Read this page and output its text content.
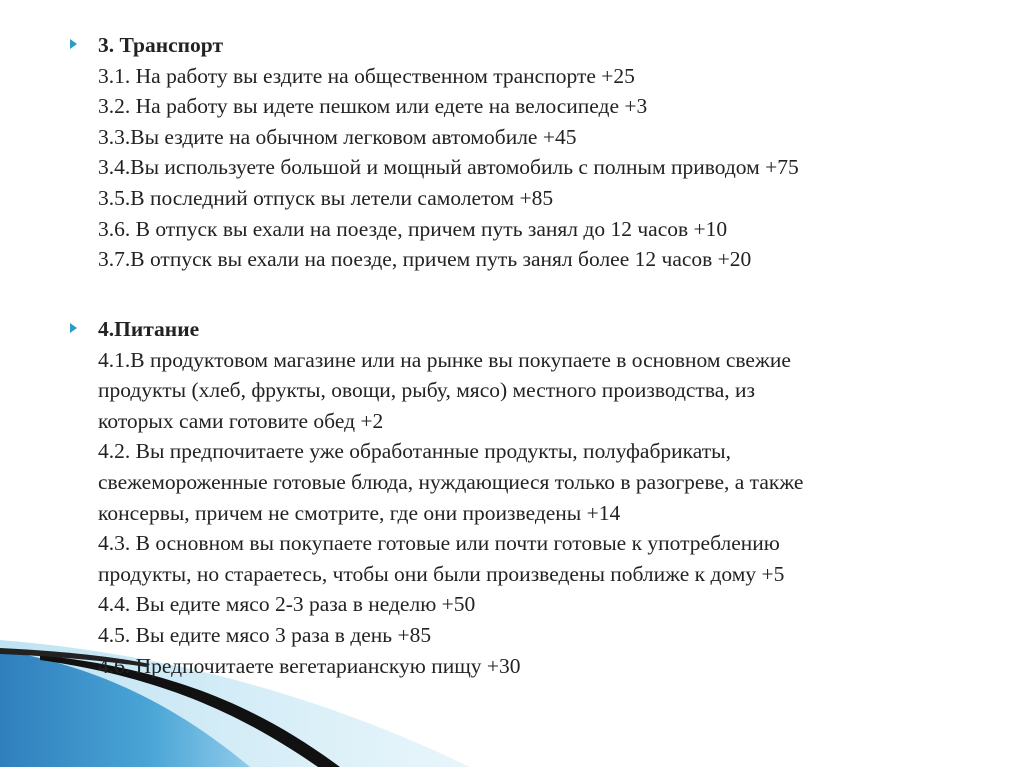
3. Транспорт
3.1. На работу вы ездите на общественном транспорте +25
3.2. На работу вы идете пешком или едете на велосипеде +3
3.3.Вы ездите на обычном легковом автомобиле +45
3.4.Вы используете большой и мощный автомобиль с полным приводом +75
3.5.В последний отпуск вы летели самолетом +85
3.6. В отпуск вы ехали на поезде, причем путь занял до 12 часов +10
3.7.В отпуск вы ехали на поезде, причем путь занял более 12 часов +20
4.Питание
4.1.В продуктовом магазине или на рынке вы покупаете в основном свежие
продукты (хлеб, фрукты, овощи, рыбу, мясо) местного производства, из
которых сами готовите обед +2
4.2. Вы предпочитаете уже обработанные продукты, полуфабрикаты,
свежемороженные готовые блюда, нуждающиеся только в разогреве, а также
консервы, причем не смотрите, где они произведены +14
4.3. В основном вы покупаете готовые или почти готовые к употреблению
продукты, но стараетесь, чтобы они были произведены поближе к дому +5
4.4. Вы едите мясо 2-3 раза в неделю +50
4.5. Вы едите мясо 3 раза в день +85
4.6. Предпочитаете вегетарианскую пищу +30
